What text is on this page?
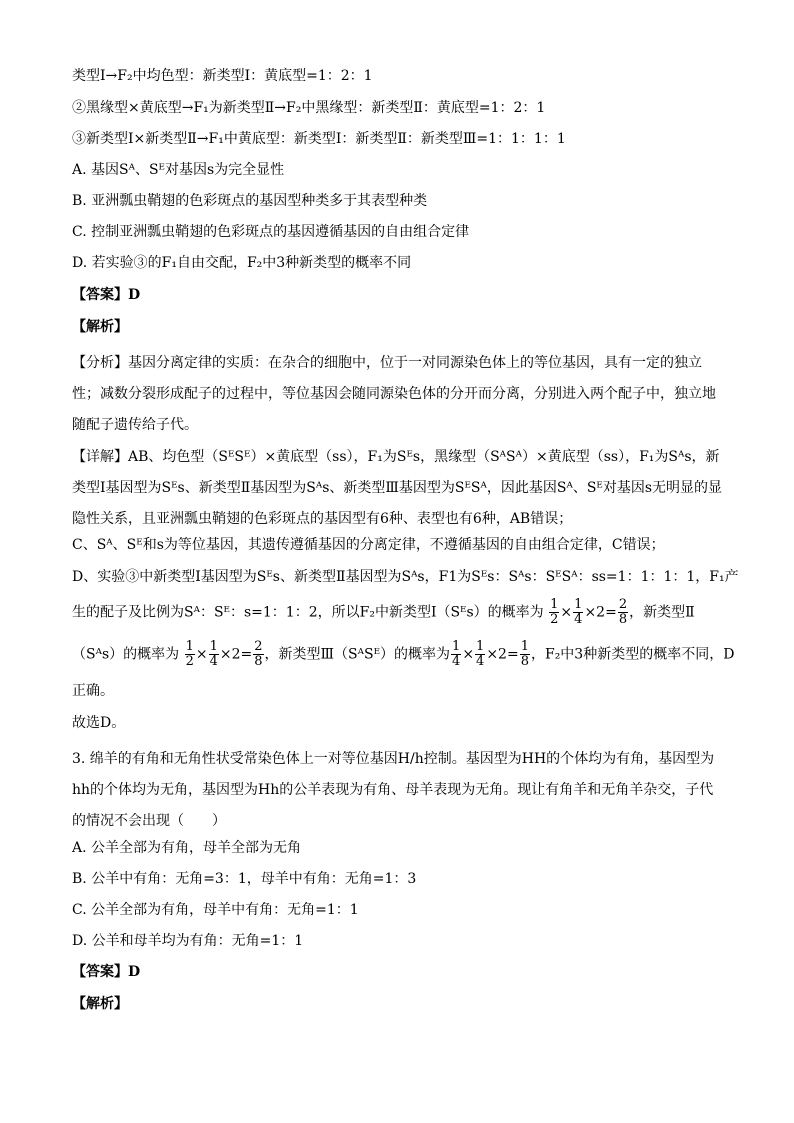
类型Ⅰ→F₂中均色型：新类型Ⅰ：黄底型=1：2：1
②黑缘型×黄底型→F₁为新类型Ⅱ→F₂中黑缘型：新类型Ⅱ：黄底型=1：2：1
③新类型Ⅰ×新类型Ⅱ→F₁中黄底型：新类型Ⅰ：新类型Ⅱ：新类型Ⅲ=1：1：1：1
A. 基因Sᴬ、Sᴱ对基因s为完全显性
B. 亚洲瓢虫鞘翅的色彩斑点的基因型种类多于其表型种类
C. 控制亚洲瓢虫鞘翅的色彩斑点的基因遵循基因的自由组合定律
D. 若实验③的F₁自由交配，F₂中3种新类型的概率不同
【答案】D
【解析】
【分析】基因分离定律的实质：在杂合的细胞中，位于一对同源染色体上的等位基因，具有一定的独立性；减数分裂形成配子的过程中，等位基因会随同源染色体的分开而分离，分别进入两个配子中，独立地随配子遗传给子代。
【详解】AB、均色型（SᴱSᴱ）×黄底型（ss），F₁为Sᴱs，黑缘型（SᴬSᴬ）×黄底型（ss），F₁为Sᴬs，新类型Ⅰ基因型为Sᴱs、新类型Ⅱ基因型为Sᴬs、新类型Ⅲ基因型为SᴱSᴬ，因此基因Sᴬ、Sᴱ对基因s无明显的显隐性关系，且亚洲瓢虫鞘翅的色彩斑点的基因型有6种、表型也有6种，AB错误；
C、Sᴬ、Sᴱ和s为等位基因，其遗传遵循基因的分离定律，不遵循基因的自由组合定律，C错误；
D、实验③中新类型Ⅰ基因型为Sᴱs、新类型Ⅱ基因型为Sᴬs，F1为Sᴱs：Sᴬs：SᴱSᴬ：ss=1：1：1：1，F₁产
生的配子及比例为Sᴬ：Sᴱ：s=1：1：2，所以F₂中新类型Ⅰ（Sᴱs）的概率为 $\frac{1}{2} \times \frac{1}{4} \times 2= \frac{2}{8}$ ，新类型Ⅱ
（Sᴬs）的概率为 $\frac{1}{2} \times \frac{1}{4} \times 2= \frac{2}{8}$ ，新类型Ⅲ（SᴬSᴱ）的概率为 $\frac{1}{4} \times \frac{1}{4} \times 2= \frac{1}{8}$ ，F₂中3种新类型的概率不同，D
正确。
故选D。
3. 绵羊的有角和无角性状受常染色体上一对等位基因H/h控制。基因型为HH的个体均为有角，基因型为hh的个体均为无角，基因型为Hh的公羊表现为有角、母羊表现为无角。现让有角羊和无角羊杂交，子代的情况不会出现（　　）
A. 公羊全部为有角，母羊全部为无角
B. 公羊中有角：无角=3：1，母羊中有角：无角=1：3
C. 公羊全部为有角，母羊中有角：无角=1：1
D. 公羊和母羊均为有角：无角=1：1
【答案】D
【解析】
